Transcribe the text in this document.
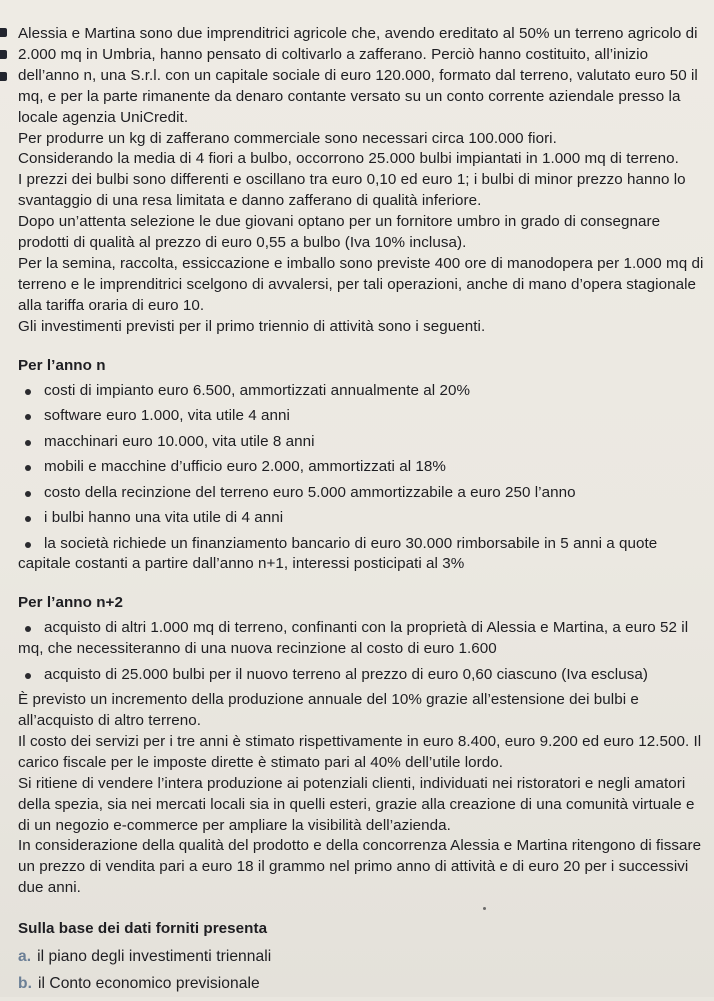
Alessia e Martina sono due imprenditrici agricole che, avendo ereditato al 50% un terreno agricolo di 2.000 mq in Umbria, hanno pensato di coltivarlo a zafferano. Perciò hanno costituito, all’inizio dell’anno n, una S.r.l. con un capitale sociale di euro 120.000, formato dal terreno, valutato euro 50 il mq, e per la parte rimanente da denaro contante versato su un conto corrente aziendale presso la locale agenzia UniCredit.

Per produrre un kg di zafferano commerciale sono necessari circa 100.000 fiori.

Considerando la media di 4 fiori a bulbo, occorrono 25.000 bulbi impiantati in 1.000 mq di terreno.

I prezzi dei bulbi sono differenti e oscillano tra euro 0,10 ed euro 1; i bulbi di minor prezzo hanno lo svantaggio di una resa limitata e danno zafferano di qualità inferiore.

Dopo un’attenta selezione le due giovani optano per un fornitore umbro in grado di consegnare prodotti di qualità al prezzo di euro 0,55 a bulbo (Iva 10% inclusa).

Per la semina, raccolta, essiccazione e imballo sono previste 400 ore di manodopera per 1.000 mq di terreno e le imprenditrici scelgono di avvalersi, per tali operazioni, anche di mano d’opera stagionale alla tariffa oraria di euro 10.

Gli investimenti previsti per il primo triennio di attività sono i seguenti.

Per l’anno n

costi di impianto euro 6.500, ammortizzati annualmente al 20%
software euro 1.000, vita utile 4 anni
macchinari euro 10.000, vita utile 8 anni
mobili e macchine d’ufficio euro 2.000, ammortizzati al 18%
costo della recinzione del terreno euro 5.000 ammortizzabile a euro 250 l’anno
i bulbi hanno una vita utile di 4 anni
la società richiede un finanziamento bancario di euro 30.000 rimborsabile in 5 anni a quote capitale costanti a partire dall’anno n+1, interessi posticipati al 3%

Per l’anno n+2

acquisto di altri 1.000 mq di terreno, confinanti con la proprietà di Alessia e Martina, a euro 52 il mq, che necessiteranno di una nuova recinzione al costo di euro 1.600
acquisto di 25.000 bulbi per il nuovo terreno al prezzo di euro 0,60 ciascuno (Iva esclusa)

È previsto un incremento della produzione annuale del 10% grazie all’estensione dei bulbi e all’acquisto di altro terreno.

Il costo dei servizi per i tre anni è stimato rispettivamente in euro 8.400, euro 9.200 ed euro 12.500. Il carico fiscale per le imposte dirette è stimato pari al 40% dell’utile lordo.

Si ritiene di vendere l’intera produzione ai potenziali clienti, individuati nei ristoratori e negli amatori della spezia, sia nei mercati locali sia in quelli esteri, grazie alla creazione di una comunità virtuale e di un negozio e-commerce per ampliare la visibilità dell’azienda.

In considerazione della qualità del prodotto e della concorrenza Alessia e Martina ritengono di fissare un prezzo di vendita pari a euro 18 il grammo nel primo anno di attività e di euro 20 per i successivi due anni.

Sulla base dei dati forniti presenta

a. il piano degli investimenti triennali
b. il Conto economico previsionale
